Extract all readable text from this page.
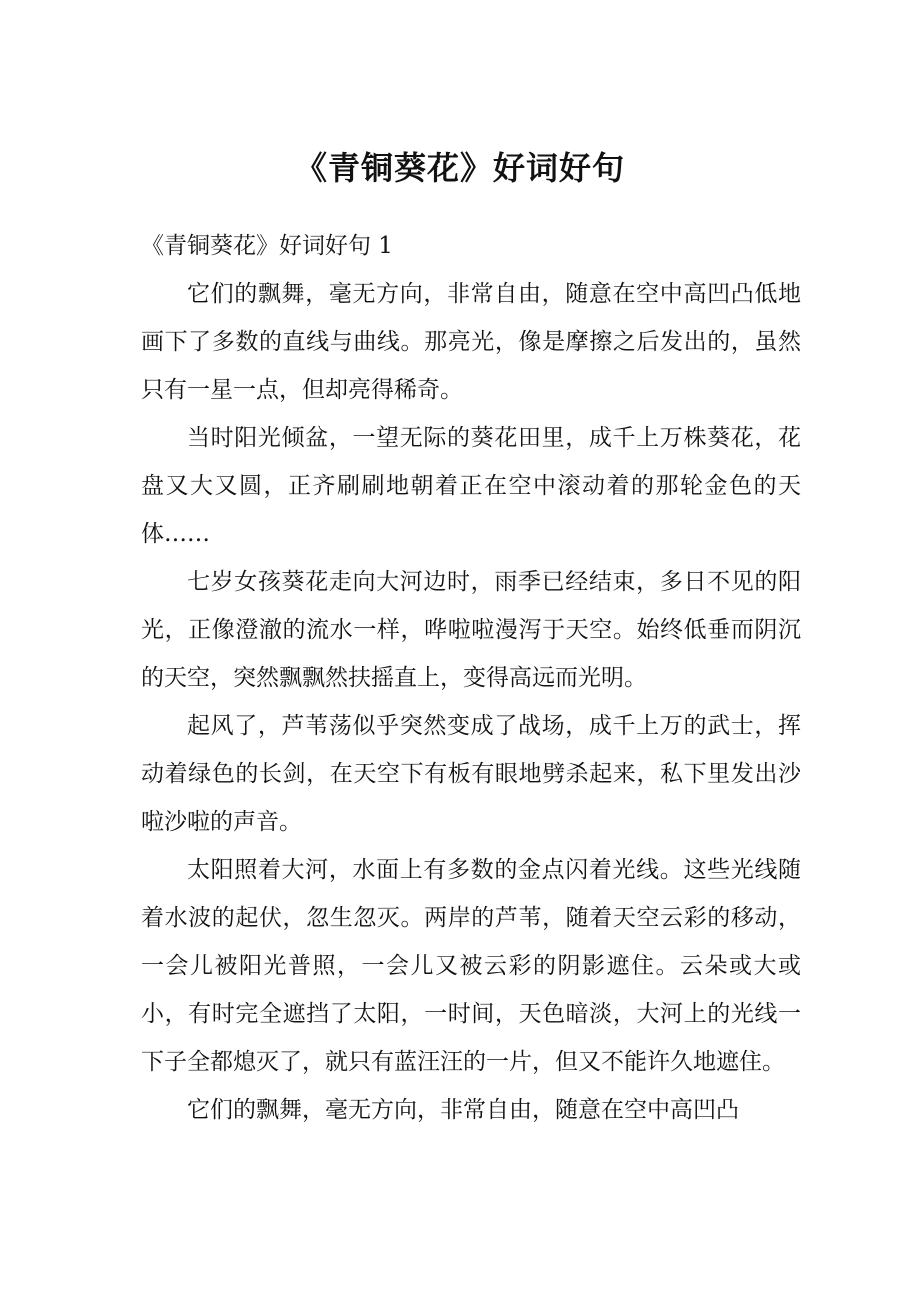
《青铜葵花》好词好句

《青铜葵花》好词好句 1

它们的飘舞，毫无方向，非常自由，随意在空中高凹凸低地画下了多数的直线与曲线。那亮光，像是摩擦之后发出的，虽然只有一星一点，但却亮得稀奇。

当时阳光倾盆，一望无际的葵花田里，成千上万株葵花，花盘又大又圆，正齐刷刷地朝着正在空中滚动着的那轮金色的天体……

七岁女孩葵花走向大河边时，雨季已经结束，多日不见的阳光，正像澄澈的流水一样，哗啦啦漫泻于天空。始终低垂而阴沉的天空，突然飘飘然扶摇直上，变得高远而光明。

起风了，芦苇荡似乎突然变成了战场，成千上万的武士，挥动着绿色的长剑，在天空下有板有眼地劈杀起来，私下里发出沙啦沙啦的声音。

太阳照着大河，水面上有多数的金点闪着光线。这些光线随着水波的起伏，忽生忽灭。两岸的芦苇，随着天空云彩的移动，一会儿被阳光普照，一会儿又被云彩的阴影遮住。云朵或大或小，有时完全遮挡了太阳，一时间，天色暗淡，大河上的光线一下子全都熄灭了，就只有蓝汪汪的一片，但又不能许久地遮住。

它们的飘舞，毫无方向，非常自由，随意在空中高凹凸
